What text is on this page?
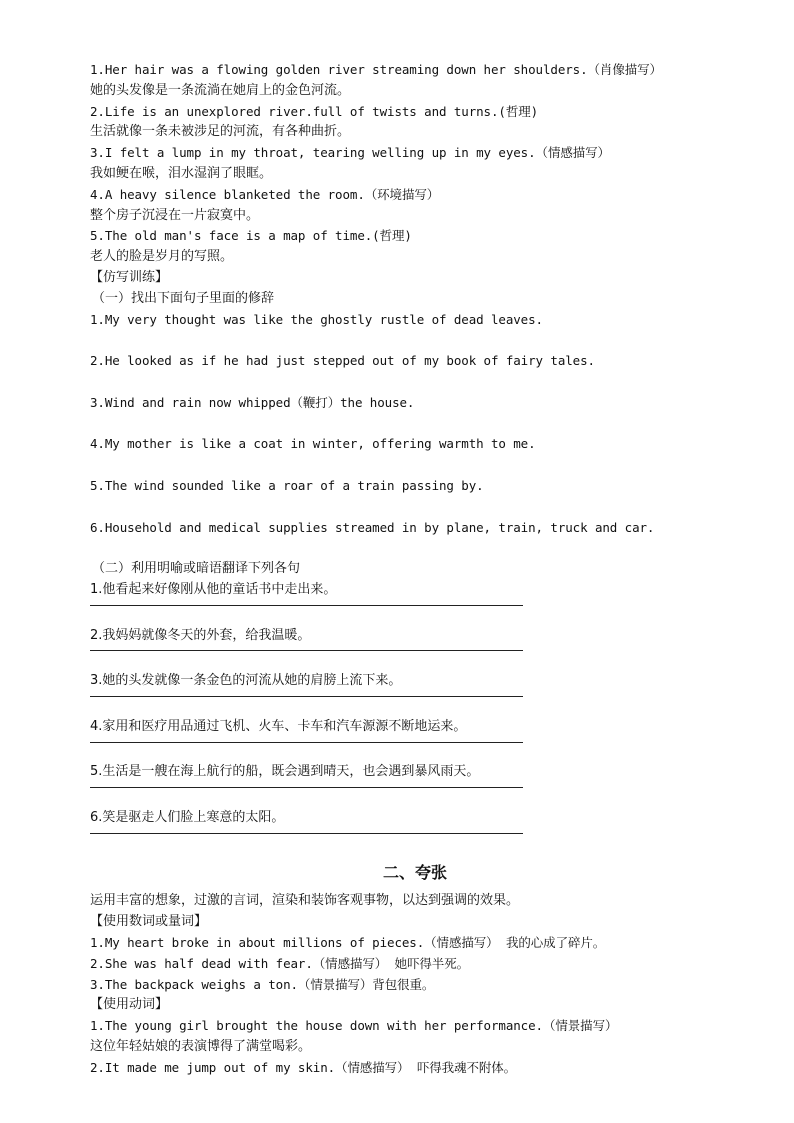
1.Her hair was a flowing golden river streaming down her shoulders.（肖像描写）
她的头发像是一条流淌在她肩上的金色河流。
2.Life is an unexplored river.full of twists and turns.(哲理)
生活就像一条未被涉足的河流，有各种曲折。
3.I felt a lump in my throat, tearing welling up in my eyes.（情感描写）
我如鲠在喉，泪水湿润了眼眶。
4.A heavy silence blanketed the room.（环境描写）
整个房子沉浸在一片寂寞中。
5.The old man's face is a map of time.(哲理)
老人的脸是岁月的写照。
【仿写训练】
（一）找出下面句子里面的修辞
1.My very thought was like the ghostly rustle of dead leaves.
2.He looked as if he had just stepped out of my book of fairy tales.
3.Wind and rain now whipped（鞭打）the house.
4.My mother is like a coat in winter, offering warmth to me.
5.The wind sounded like a roar of a train passing by.
6.Household and medical supplies streamed in by plane, train, truck and car.
（二）利用明喻或暗语翻译下列各句
1.他看起来好像刚从他的童话书中走出来。
2.我妈妈就像冬天的外套，给我温暖。
3.她的头发就像一条金色的河流从她的肩膀上流下来。
4.家用和医疗用品通过飞机、火车、卡车和汽车源源不断地运来。
5.生活是一艘在海上航行的船，既会遇到晴天，也会遇到暴风雨天。
6.笑是驱走人们脸上寒意的太阳。
二、夸张
运用丰富的想象，过激的言词，渲染和装饰客观事物，以达到强调的效果。
【使用数词或量词】
1.My heart broke in about millions of pieces.（情感描写） 我的心成了碎片。
2.She was half dead with fear.（情感描写） 她吓得半死。
3.The backpack weighs a ton.（情景描写）背包很重。
【使用动词】
1.The young girl brought the house down with her performance.（情景描写）
这位年轻姑娘的表演博得了满堂喝彩。
2.It made me jump out of my skin.（情感描写） 吓得我魂不附体。
